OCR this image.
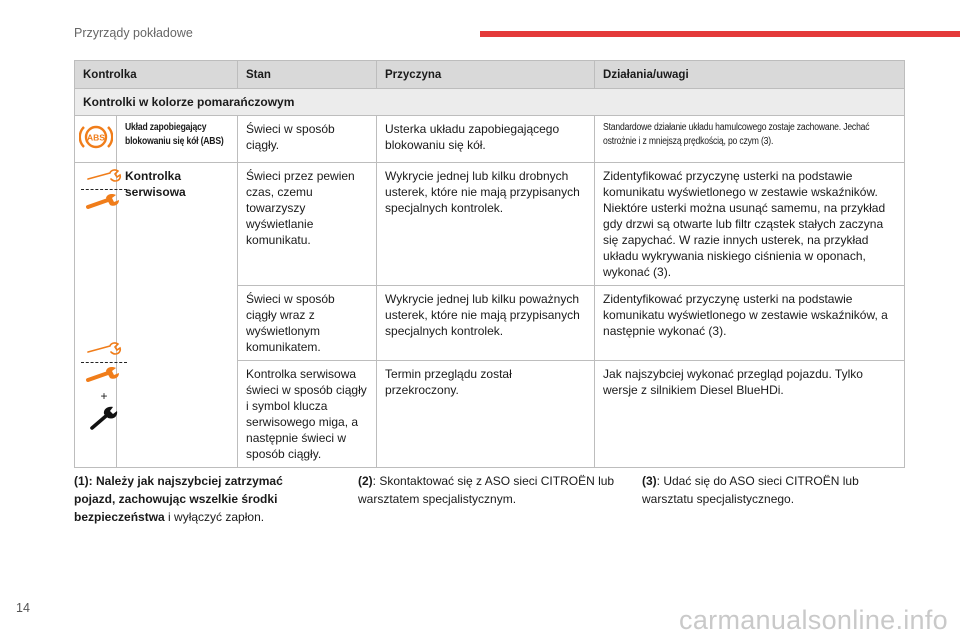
Przyrządy pokładowe
Kontrolka		Stan	Przyczyna	Działania/uwagi
Kontrolki w kolorze pomarańczowym				

ABS	Układ zapobiegający blokowaniu się kół (ABS)	Świeci w sposób ciągły.	Usterka układu zapobiegającego blokowaniu się kół.	Standardowe działanie układu hamulcowego zostaje zachowane. Jechać ostrożnie i z mniejszą prędkością, po czym (3).

+	Kontrolka serwisowa	Świeci przez pewien czas, czemu towarzyszy wyświetlanie komunikatu.	Wykrycie jednej lub kilku drobnych usterek, które nie mają przypisanych specjalnych kontrolek.	Zidentyfikować przyczynę usterki na podstawie komunikatu wyświetlonego w zestawie wskaźników. Niektóre usterki można usunąć samemu, na przykład gdy drzwi są otwarte lub filtr cząstek stałych zaczyna się zapychać. W razie innych usterek, na przykład układu wykrywania niskiego ciśnienia w oponach, wykonać (3).
		Świeci w sposób ciągły wraz z wyświetlonym komunikatem.	Wykrycie jednej lub kilku poważnych usterek, które nie mają przypisanych specjalnych kontrolek.	Zidentyfikować przyczynę usterki na podstawie komunikatu wyświetlonego w zestawie wskaźników, a następnie wykonać (3).
		Kontrolka serwisowa świeci w sposób ciągły i symbol klucza serwisowego miga, a następnie świeci w sposób ciągły.	Termin przeglądu został przekroczony.	Jak najszybciej wykonać przegląd pojazdu. Tylko wersje z silnikiem Diesel BlueHDi.
(1): Należy jak najszybciej zatrzymać pojazd, zachowując wszelkie środki bezpieczeństwa i wyłączyć zapłon.
(2): Skontaktować się z ASO sieci CITROËN lub warsztatem specjalistycznym.
(3): Udać się do ASO sieci CITROËN lub warsztatu specjalistycznego.
14	carmanualsonline.info
